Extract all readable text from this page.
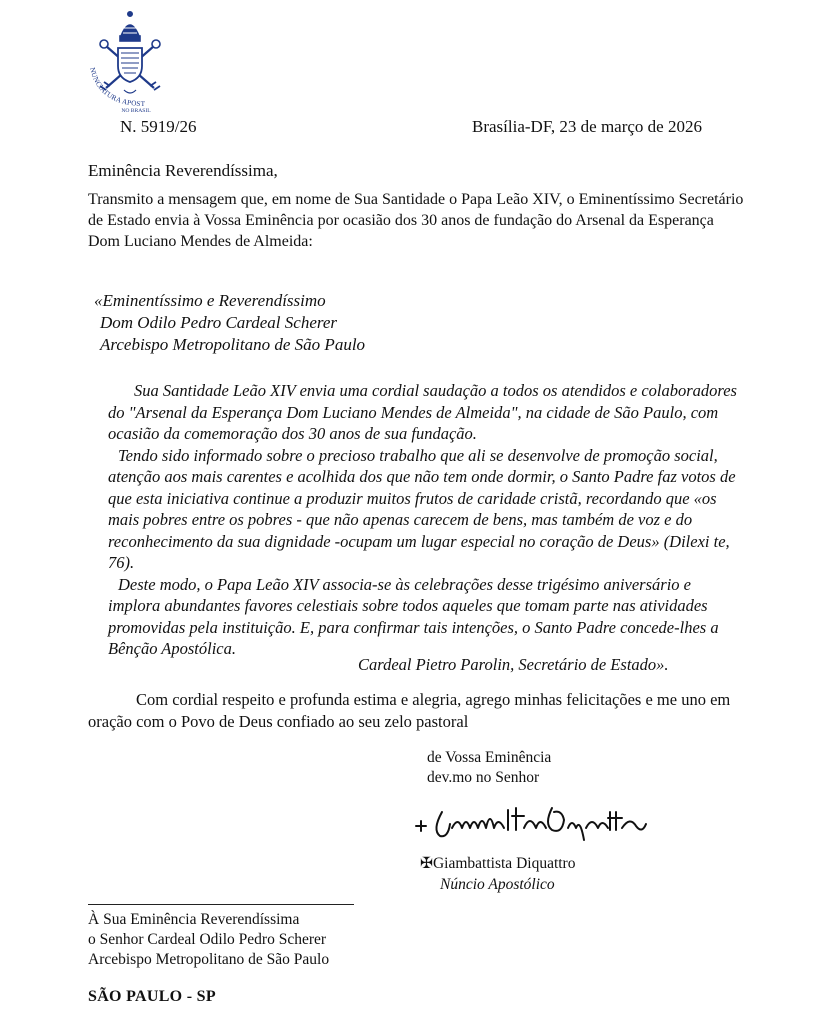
NUNCIATURA APOST
NO BRASIL
N. 5919/26	Brasília-DF, 23 de março de 2026
Eminência Reverendíssima,

Transmito a mensagem que, em nome de Sua Santidade o Papa Leão XIV, o Eminentíssimo Secretário de Estado envia à Vossa Eminência por ocasião dos 30 anos de fundação do Arsenal da Esperança Dom Luciano Mendes de Almeida:

«Eminentíssimo e Reverendíssimo
Dom Odilo Pedro Cardeal Scherer
Arcebispo Metropolitano de São Paulo

Sua Santidade Leão XIV envia uma cordial saudação a todos os atendidos e colaboradores do "Arsenal da Esperança Dom Luciano Mendes de Almeida", na cidade de São Paulo, com ocasião da comemoração dos 30 anos de sua fundação.

Tendo sido informado sobre o precioso trabalho que ali se desenvolve de promoção social, atenção aos mais carentes e acolhida dos que não tem onde dormir, o Santo Padre faz votos de que esta iniciativa continue a produzir muitos frutos de caridade cristã, recordando que «os mais pobres entre os pobres - que não apenas carecem de bens, mas também de voz e do reconhecimento da sua dignidade -ocupam um lugar especial no coração de Deus» (Dilexi te, 76).

Deste modo, o Papa Leão XIV associa-se às celebrações desse trigésimo aniversário e implora abundantes favores celestiais sobre todos aqueles que tomam parte nas atividades promovidas pela instituição. E, para confirmar tais intenções, o Santo Padre concede-lhes a Bênção Apostólica.

Cardeal Pietro Parolin, Secretário de Estado».

Com cordial respeito e profunda estima e alegria, agrego minhas felicitações e me uno em oração com o Povo de Deus confiado ao seu zelo pastoral

de Vossa Eminência
dev.mo no Senhor
✠Giambattista Diquattro
Núncio Apostólico
À Sua Eminência Reverendíssima
o Senhor Cardeal Odilo Pedro Scherer
Arcebispo Metropolitano de São Paulo
SÃO PAULO - SP
